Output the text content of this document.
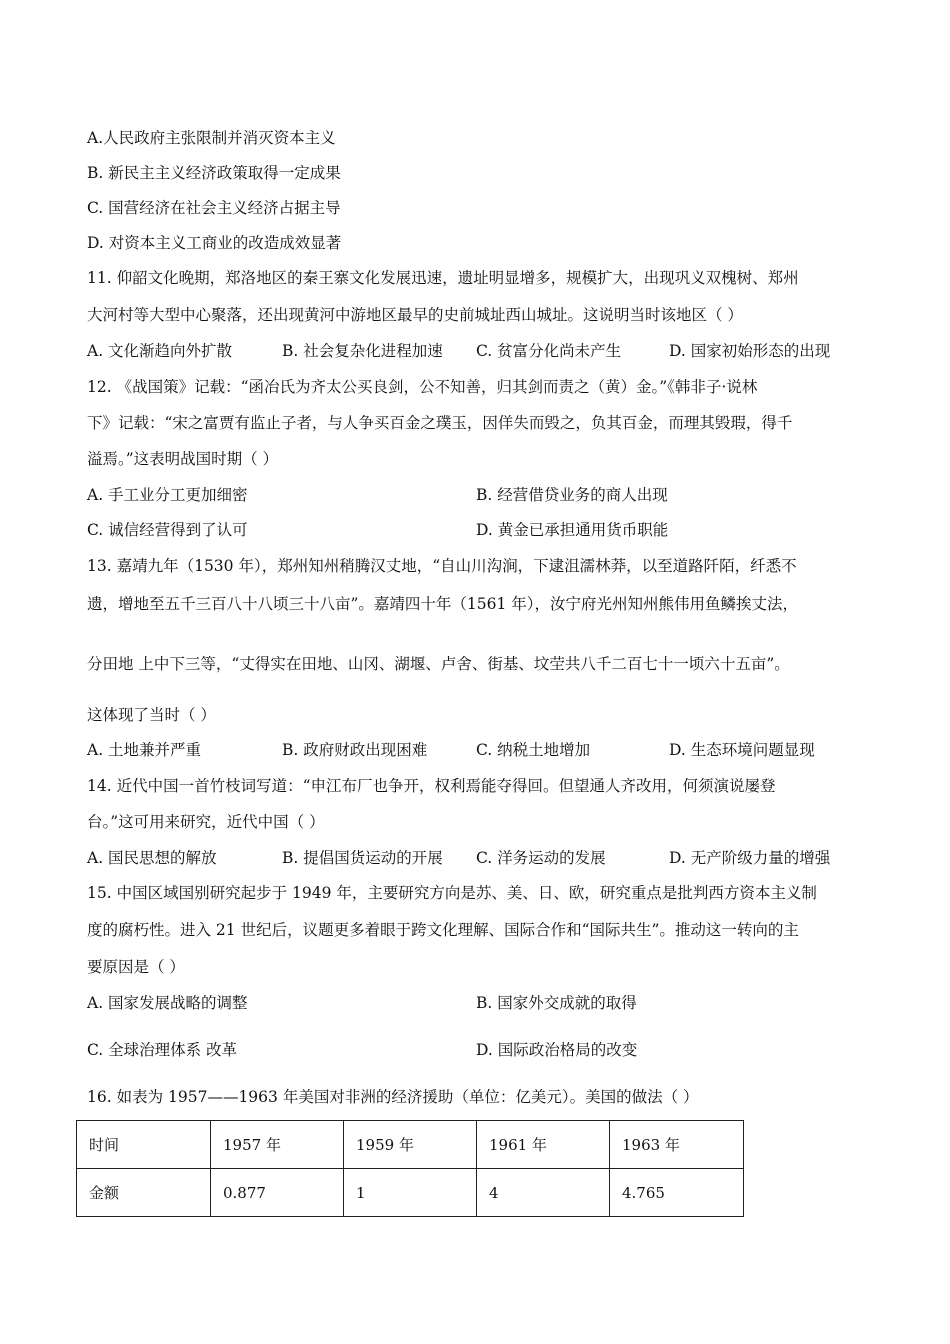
A.人民政府主张限制并消灭资本主义
B. 新民主主义经济政策取得一定成果
C. 国营经济在社会主义经济占据主导
D. 对资本主义工商业的改造成效显著
11. 仰韶文化晚期，郑洛地区的秦王寨文化发展迅速，遗址明显增多，规模扩大，出现巩义双槐树、郑州
大河村等大型中心聚落，还出现黄河中游地区最早的史前城址西山城址。这说明当时该地区（ ）
A. 文化渐趋向外扩散	B. 社会复杂化进程加速 C. 贫富分化尚未产生	D. 国家初始形态的出现
12. 《战国策》记载：“函冶氏为齐太公买良剑，公不知善，归其剑而责之（黄）金。”《韩非子·说林
下》记载：“宋之富贾有监止子者，与人争买百金之璞玉，因佯失而毁之，负其百金，而理其毁瑕，得千
溢焉。”这表明战国时期（ ）
A. 手工业分工更加细密	B. 经营借贷业务的商人出现
C. 诚信经营得到了认可	D. 黄金已承担通用货币职能
13. 嘉靖九年（1530 年），郑州知州稍腾汉丈地，“自山川沟涧，下逮沮濡林莽，以至道路阡陌，纤悉不
遗，增地至五千三百八十八顷三十八亩”。嘉靖四十年（1561 年），汝宁府光州知州熊伟用鱼鳞挨丈法，
分田地 上中下三等，“丈得实在田地、山冈、湖堰、卢舍、街基、坟茔共八千二百七十一顷六十五亩”。
这体现了当时（ ）
A. 土地兼并严重	B. 政府财政出现困难	C. 纳税土地增加	D. 生态环境问题显现
14. 近代中国一首竹枝词写道：“申江布厂也争开，权利焉能夺得回。但望通人齐改用，何须演说屡登
台。”这可用来研究，近代中国（ ）
A. 国民思想的解放	B. 提倡国货运动的开展 C. 洋务运动的发展	D. 无产阶级力量的增强
15. 中国区域国别研究起步于 1949 年，主要研究方向是苏、美、日、欧，研究重点是批判西方资本主义制
度的腐朽性。进入 21 世纪后，议题更多着眼于跨文化理解、国际合作和“国际共生”。推动这一转向的主
要原因是（ ）
A. 国家发展战略的调整	B. 国家外交成就的取得
C. 全球治理体系 改革	D. 国际政治格局的改变
16. 如表为 1957——1963 年美国对非洲的经济援助（单位：亿美元）。美国的做法（ ）
时间	1957 年	1959 年	1961 年	1963 年
金额	0.877	1	4	4.765
